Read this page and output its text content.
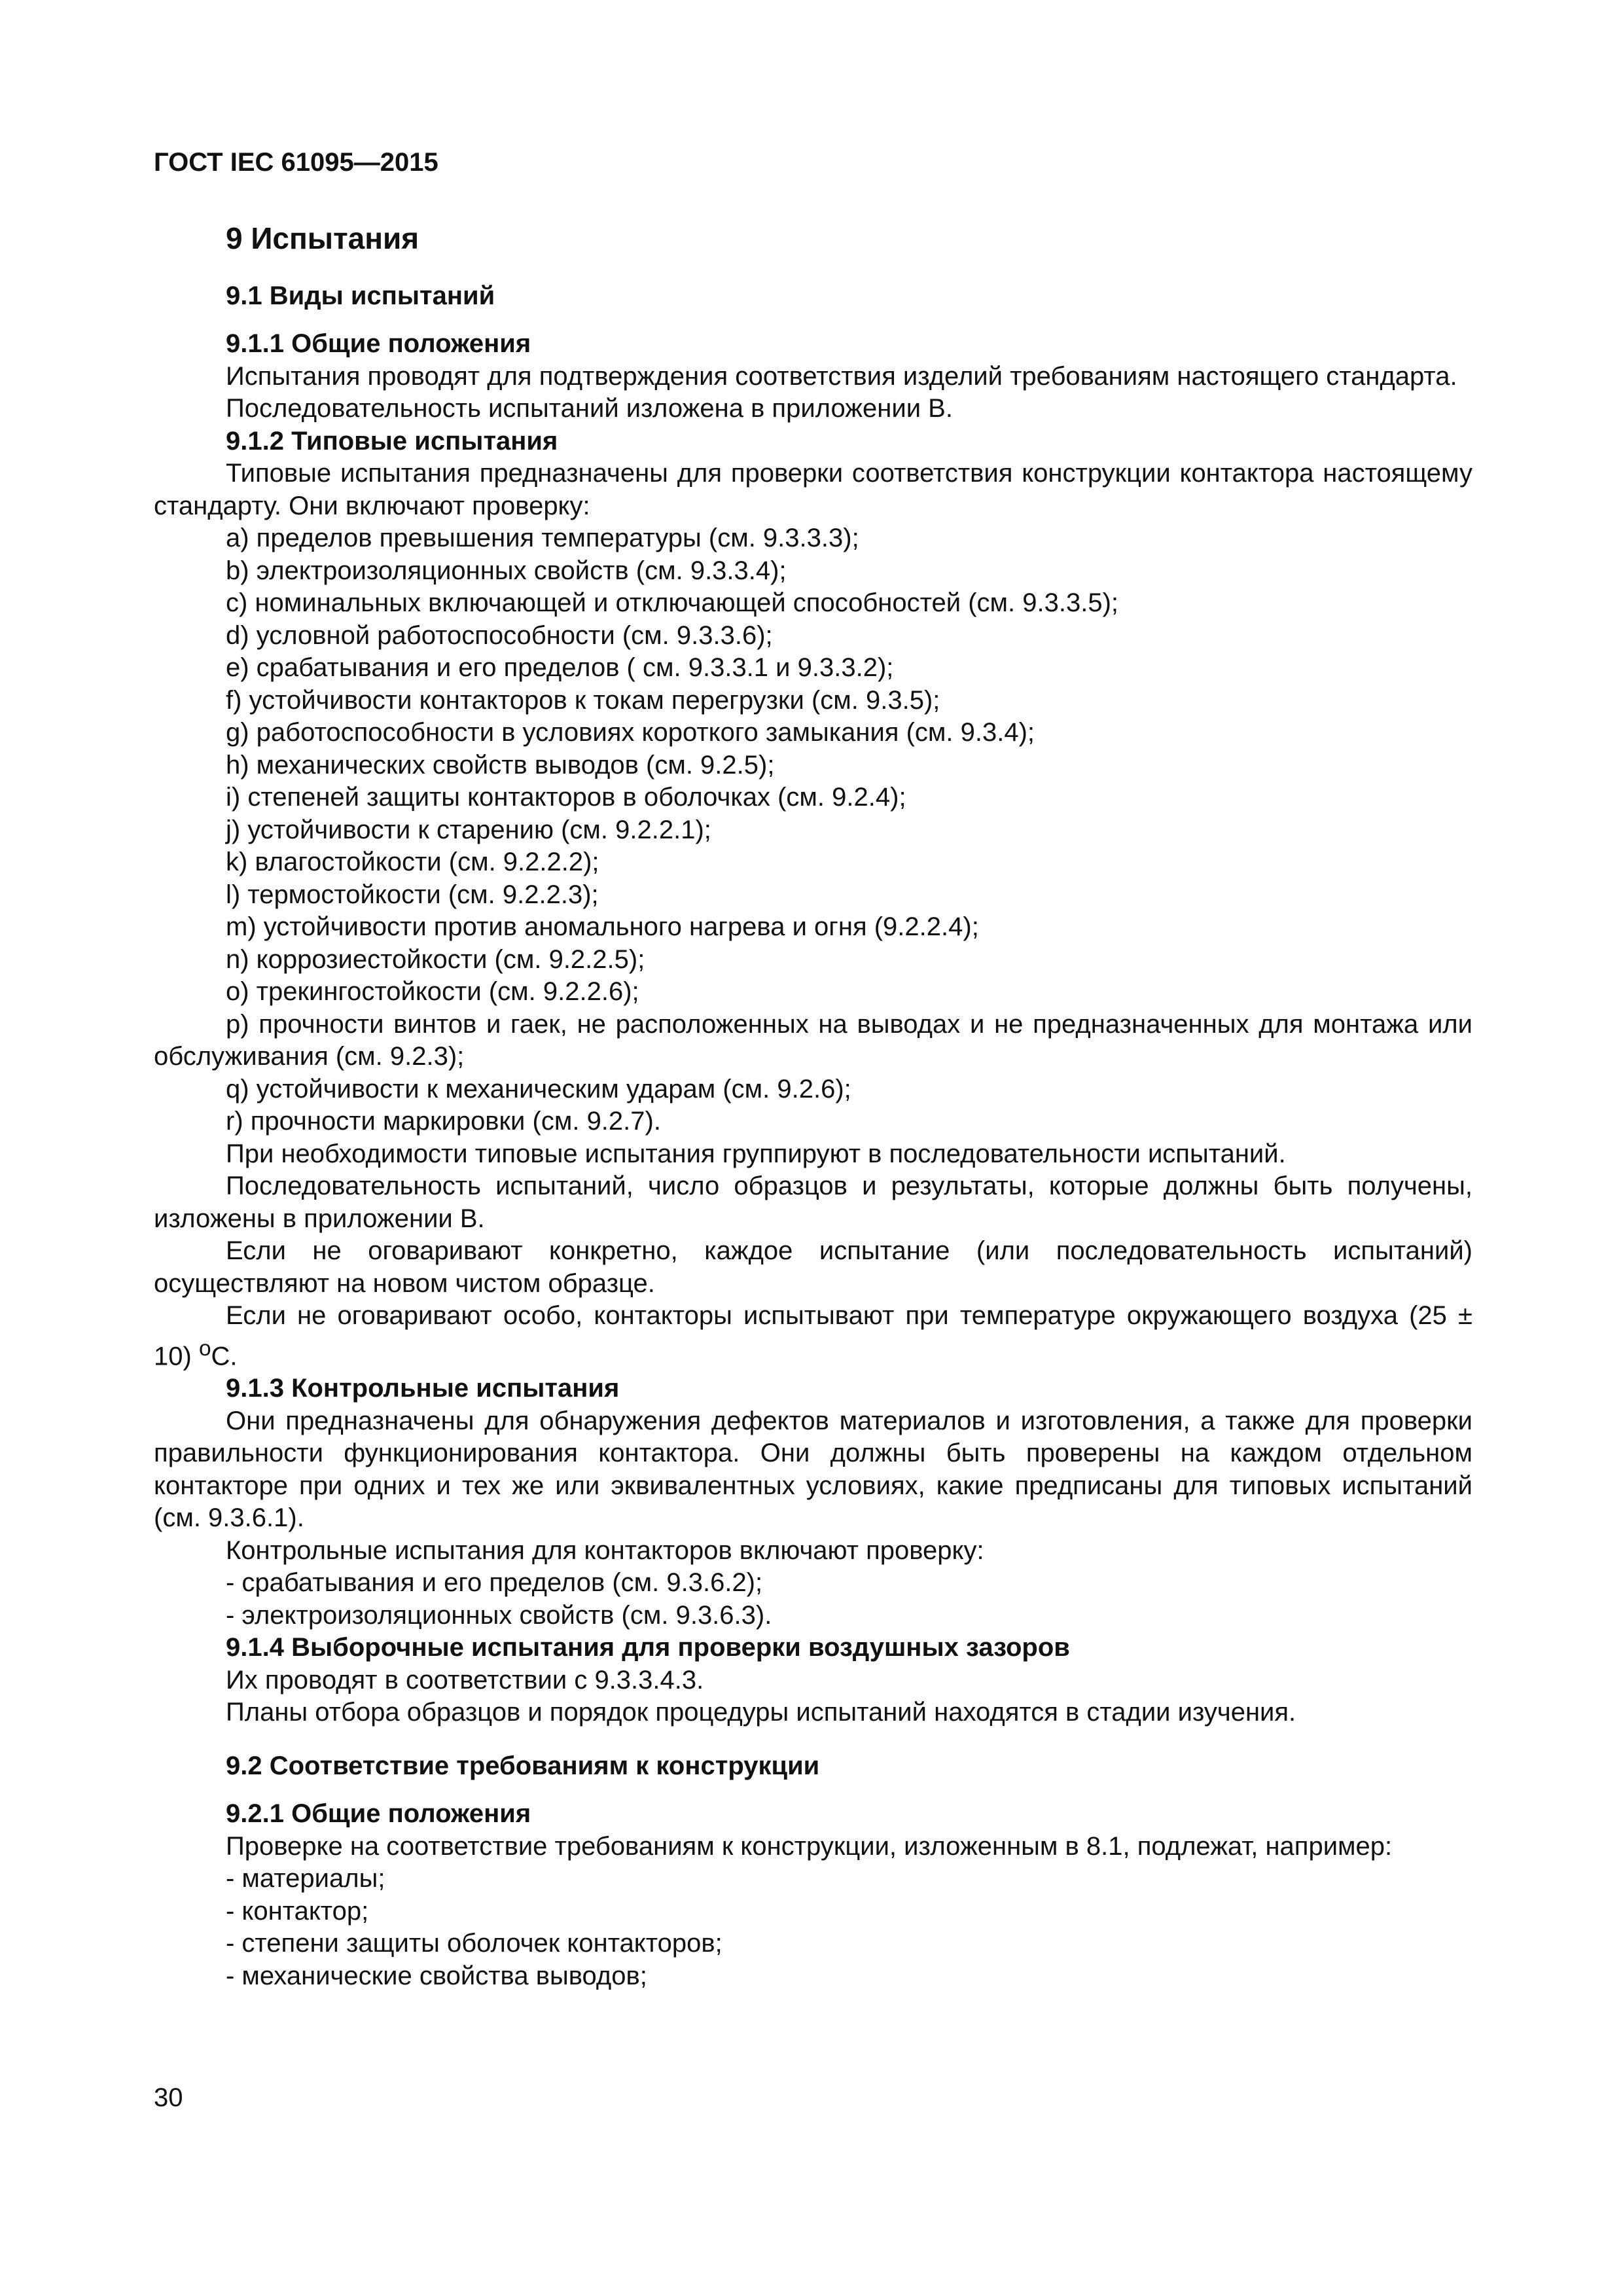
ГОСТ IEC 61095—2015
9 Испытания
9.1 Виды испытаний
9.1.1 Общие положения
Испытания проводят для подтверждения соответствия изделий требованиям настоящего стандарта.
Последовательность испытаний изложена в приложении В.
9.1.2 Типовые испытания
Типовые испытания предназначены для проверки соответствия конструкции контактора настоящему стандарту. Они включают проверку:
a) пределов превышения температуры (см. 9.3.3.3);
b) электроизоляционных свойств (см. 9.3.3.4);
c) номинальных включающей и отключающей способностей (см. 9.3.3.5);
d) условной работоспособности (см. 9.3.3.6);
e) срабатывания и его пределов ( см. 9.3.3.1 и 9.3.3.2);
f) устойчивости контакторов к токам перегрузки (см. 9.3.5);
g) работоспособности в условиях короткого замыкания (см. 9.3.4);
h) механических свойств выводов (см. 9.2.5);
i) степеней защиты контакторов в оболочках (см. 9.2.4);
j) устойчивости к старению (см. 9.2.2.1);
k) влагостойкости (см. 9.2.2.2);
l) термостойкости (см. 9.2.2.3);
m) устойчивости против аномального нагрева и огня (9.2.2.4);
n) коррозиестойкости (см. 9.2.2.5);
o) трекингостойкости (см. 9.2.2.6);
p) прочности винтов и гаек, не расположенных на выводах и не предназначенных для монтажа или обслуживания (см. 9.2.3);
q) устойчивости к механическим ударам (см. 9.2.6);
r) прочности маркировки (см. 9.2.7).
При необходимости типовые испытания группируют в последовательности испытаний.
Последовательность испытаний, число образцов и результаты, которые должны быть получены, изложены в приложении В.
Если не оговаривают конкретно, каждое испытание (или последовательность испытаний) осуществляют на новом чистом образце.
Если не оговаривают особо, контакторы испытывают при температуре окружающего воздуха (25 ± 10) $^о$С.
9.1.3 Контрольные испытания
Они предназначены для обнаружения дефектов материалов и изготовления, а также для проверки правильности функционирования контактора. Они должны быть проверены на каждом отдельном контакторе при одних и тех же или эквивалентных условиях, какие предписаны для типовых испытаний (см. 9.3.6.1).
Контрольные испытания для контакторов включают проверку:
- срабатывания и его пределов (см. 9.3.6.2);
- электроизоляционных свойств (см. 9.3.6.3).
9.1.4 Выборочные испытания для проверки воздушных зазоров
Их проводят в соответствии с 9.3.3.4.3.
Планы отбора образцов и порядок процедуры испытаний находятся в стадии изучения.
9.2 Соответствие требованиям к конструкции
9.2.1 Общие положения
Проверке на соответствие требованиям к конструкции, изложенным в 8.1, подлежат, например:
- материалы;
- контактор;
- степени защиты оболочек контакторов;
- механические свойства выводов;
30
